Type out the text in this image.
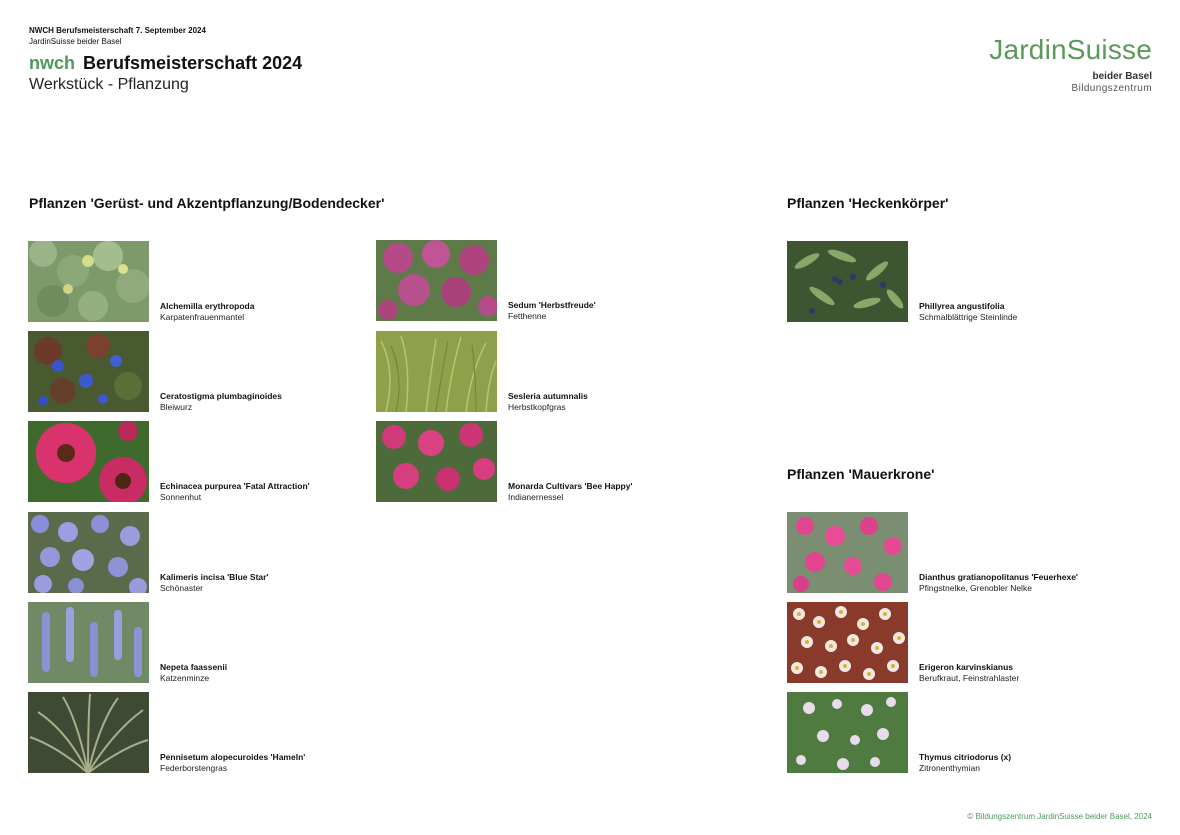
NWCH Berufsmeisterschaft 7. September 2024
JardinSuisse beider Basel
nwch Berufsmeisterschaft 2024
Werkstück - Pflanzung
JardinSuisse
beider Basel
Bildungszentrum
Pflanzen 'Gerüst- und Akzentpflanzung/Bodendecker'	Pflanzen 'Heckenkörper'
Pflanzen 'Mauerkrone'
Alchemilla erythropoda
Karpatenfrauenmantel
Ceratostigma plumbaginoides
Bleiwurz
Echinacea purpurea 'Fatal Attraction'
Sonnenhut
Kalimeris incisa 'Blue Star'
Schönaster
Nepeta faassenii
Katzenminze
Pennisetum alopecuroides 'Hameln'
Federborstengras
Sedum 'Herbstfreude'
Fetthenne
Sesleria autumnalis
Herbstkopfgras
Monarda Cultivars 'Bee Happy'
Indianernessel
Phillyrea angustifolia
Schmalblättrige Steinlinde
Dianthus gratianopolitanus 'Feuerhexe'
Pfingstnelke, Grenobler Nelke
Erigeron karvinskianus
Berufkraut, Feinstrahlaster
Thymus citriodorus (x)
Zitronenthymian
© Bildungszentrum JardinSuisse beider Basel, 2024
